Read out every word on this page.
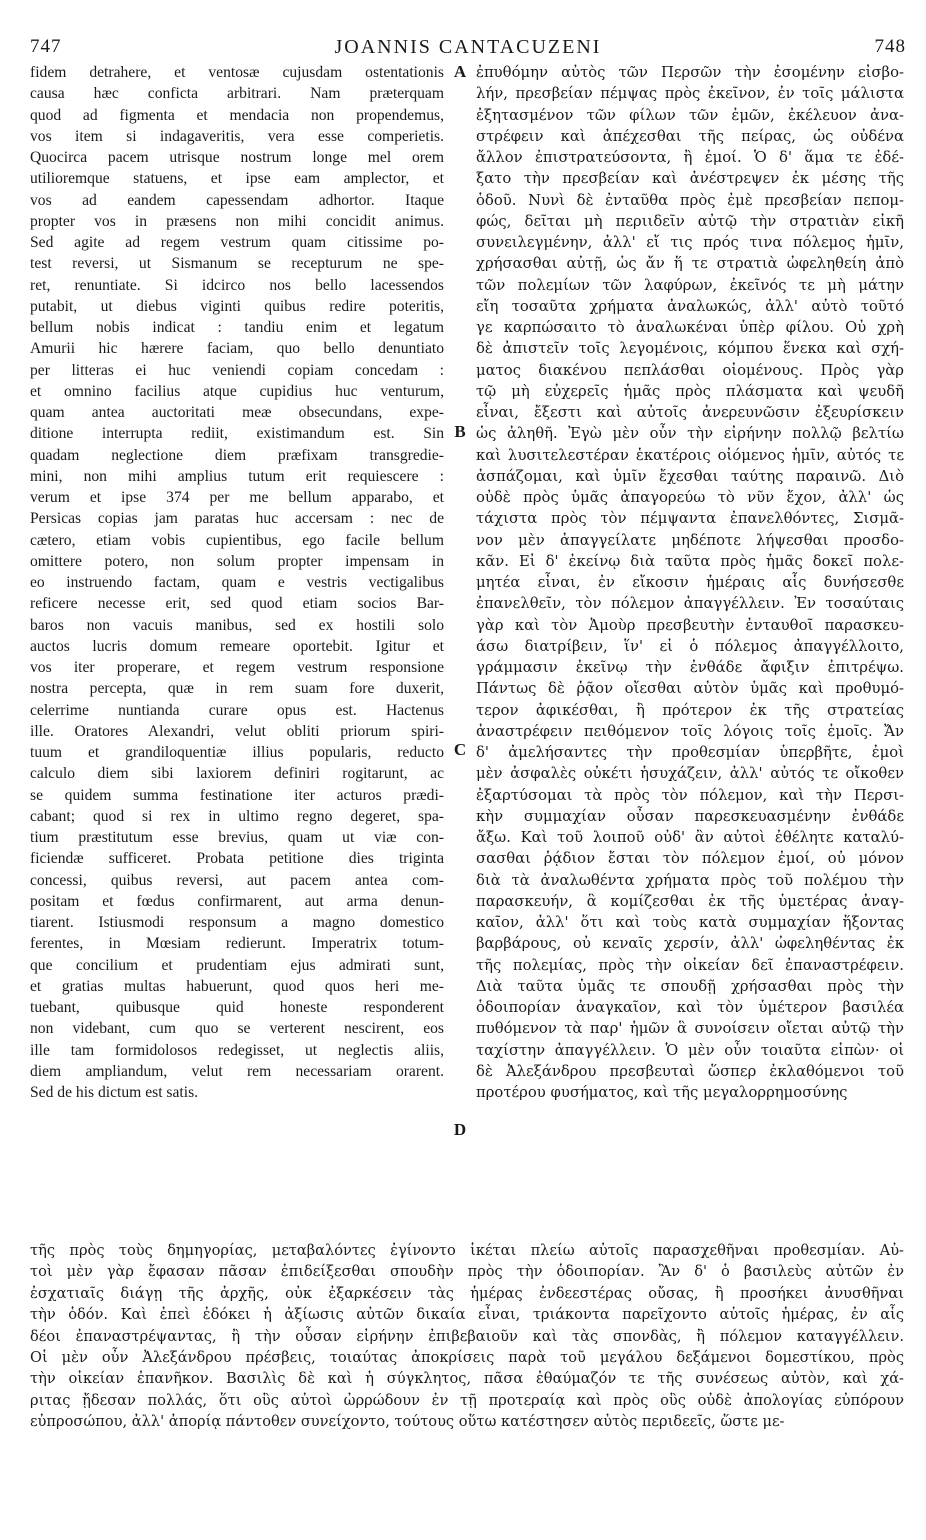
747	JOANNIS CANTACUZENI	748
fidem detrahere, et ventosæ cujusdam ostentationis
causa hæc conficta arbitrari. Nam præterquam
quod ad figmenta et mendacia non propendemus,
vos item si indagaveritis, vera esse comperietis.
Quocirca pacem utrisque nostrum longe mel orem
utilioremque statuens, et ipse eam amplector, et
vos ad eandem capessendam adhortor. Itaque
propter vos in præsens non mihi concidit animus.
Sed agite ad regem vestrum quam citissime po-
test reversi, ut Sismanum se recepturum ne spe-
ret, renuntiate. Si idcirco nos bello lacessendos
putabit, ut diebus viginti quibus redire poteritis,
bellum nobis indicat : tandiu enim et legatum
Amurii hic hærere faciam, quo bello denuntiato
per litteras ei huc veniendi copiam concedam :
et omnino facilius atque cupidius huc venturum,
quam antea auctoritati meæ obsecundans, expe-
ditione interrupta rediit, existimandum est. Sin
quadam neglectione diem præfixam transgredie-
mini, non mihi amplius tutum erit requiescere :
verum et ipse 374 per me bellum apparabo, et
Persicas copias jam paratas huc accersam : nec de
cætero, etiam vobis cupientibus, ego facile bellum
omittere potero, non solum propter impensam in
eo instruendo factam, quam e vestris vectigalibus
reficere necesse erit, sed quod etiam socios Bar-
baros non vacuis manibus, sed ex hostili solo
auctos lucris domum remeare oportebit. Igitur et
vos iter properare, et regem vestrum responsione
nostra percepta, quæ in rem suam fore duxerit,
celerrime nuntiandа curare opus est. Hactenus
ille. Oratores Alexandri, velut obliti priorum spiri-
tuum et grandiloquentiæ illius popularis, reducto
calculo diem sibi laxiorem definiri rogitarunt, ac
se quidem summa festinatione iter acturos prædi-
cabant; quod si rex in ultimo regno degeret, spa-
tium præstitutum esse brevius, quam ut viæ con-
ficiendæ sufficeret. Probata petitione dies triginta
concessi, quibus reversi, aut pacem antea com-
positam et fœdus confirmarent, aut arma denun-
tiarent. Istiusmodi responsum a magno domestico
ferentes, in Mœsiam redierunt. Imperatrix totum-
que concilium et prudentiam ejus admirati sunt,
et gratias multas habuerunt, quod quos heri me-
tuebant, quibusque quid honeste responderent
non videbant, cum quo se verterent nescirent, eos
ille tam formidolosos redegisset, ut neglectis aliis,
diem ampliandum, velut rem necessariam orarent.
Sed de his dictum est satis.
A
B
C
D
ἐπυθόμην αὐτὸς τῶν Περσῶν τὴν ἐσομένην εἰσβο-
λήν, πρεσβείαν πέμψας πρὸς ἐκεῖνον, ἐν τοῖς μάλιστα
ἐξητασμένον τῶν φίλων τῶν ἐμῶν, ἐκέλευον ἀνα-
στρέφειν καὶ ἀπέχεσθαι τῆς πείρας, ὡς οὐδένα
ἄλλον ἐπιστρατεύσοντα, ἢ ἐμοί. Ὁ δ' ἅμα τε ἐδέ-
ξατο τὴν πρεσβείαν καὶ ἀνέστρεψεν ἐκ μέσης τῆς
ὁδοῦ. Νυνὶ δὲ ἐνταῦθα πρὸς ἐμὲ πρεσβείαν πεπομ-
φώς, δεῖται μὴ περιιδεῖν αὐτῷ τὴν στρατιὰν εἰκῆ
συνειλεγμένην, ἀλλ' εἴ τις πρός τινα πόλεμος ἡμῖν,
χρήσασθαι αὐτῇ, ὡς ἄν ἥ τε στρατιὰ ὠφεληθείη ἀπὸ
τῶν πολεμίων τῶν λαφύρων, ἐκεῖνός τε μὴ μάτην
εἴη τοσαῦτα χρήματα ἀναλωκώς, ἀλλ' αὐτὸ τοῦτό
γε καρπώσαιτο τὸ ἀναλωκέναι ὑπὲρ φίλου. Οὐ χρὴ
δὲ ἀπιστεῖν τοῖς λεγομένοις, κόμπου ἕνεκα καὶ σχή-
ματος διακένου πεπλάσθαι οἰομένους. Πρὸς γὰρ
τῷ μὴ εὐχερεῖς ἡμᾶς πρὸς πλάσματα καὶ ψευδῆ
εἶναι, ἔξεστι καὶ αὐτοῖς ἀνερευνῶσιν ἐξευρίσκειν
ὡς ἀληθῆ. Ἐγὼ μὲν οὖν τὴν εἰρήνην πολλῷ βελτίω
καὶ λυσιτελεστέραν ἑκατέροις οἰόμενος ἡμῖν, αὐτός τε
ἀσπάζομαι, καὶ ὑμῖν ἔχεσθαι ταύτης παραινῶ. Διὸ
οὐδὲ πρὸς ὑμᾶς ἀπαγορεύω τὸ νῦν ἔχον, ἀλλ' ὡς
τάχιστα πρὸς τὸν πέμψαντα ἐπανελθόντες, Σισμᾶ-
νον μὲν ἀπαγγείλατε μηδέποτε λήψεσθαι προσδο-
κᾶν. Εἰ δ' ἐκείνῳ διὰ ταῦτα πρὸς ἡμᾶς δοκεῖ πολε-
μητέα εἶναι, ἐν εἴκοσιν ἡμέραις αἷς δυνήσεσθε
ἐπανελθεῖν, τὸν πόλεμον ἀπαγγέλλειν. Ἐν τοσαύταις
γὰρ καὶ τὸν Ἀμοὺρ πρεσβευτὴν ἐνταυθοῖ παρασκευ-
άσω διατρίβειν, ἵν' εἰ ὁ πόλεμος ἀπαγγέλλοιτο,
γράμμασιν ἐκεῖνῳ τὴν ἐνθάδε ἄφιξιν ἐπιτρέψω.
Πάντως δὲ ῥᾷον οἴεσθαι αὐτὸν ὑμᾶς καὶ προθυμό-
τερον ἀφικέσθαι, ἢ πρότερον ἐκ τῆς στρατείας
ἀναστρέφειν πειθόμενον τοῖς λόγοις τοῖς ἐμοῖς. Ἄν
δ' ἀμελήσαντες τὴν προθεσμίαν ὑπερβῆτε, ἐμοὶ
μὲν ἀσφαλὲς οὐκέτι ἡσυχάζειν, ἀλλ' αὐτός τε οἴκοθεν
ἐξαρτύσομαι τὰ πρὸς τὸν πόλεμον, καὶ τὴν Περσι-
κὴν συμμαχίαν οὖσαν παρεσκευασμένην ἐνθάδε
ἄξω. Καὶ τοῦ λοιποῦ οὐδ' ἂν αὐτοὶ ἐθέλητε καταλύ-
σασθαι ῥᾴδιον ἔσται τὸν πόλεμον ἐμοί, οὐ μόνον
διὰ τὰ ἀναλωθέντα χρήματα πρὸς τοῦ πολέμου τὴν
παρασκευήν, ἃ κομίζεσθαι ἐκ τῆς ὑμετέρας ἀναγ-
καῖον, ἀλλ' ὅτι καὶ τοὺς κατὰ συμμαχίαν ἥξοντας
βαρβάρους, οὐ κεναῖς χερσίν, ἀλλ' ὠφεληθέντας ἐκ
τῆς πολεμίας, πρὸς τὴν οἰκείαν δεῖ ἐπαναστρέφειν.
Διὰ ταῦτα ὑμᾶς τε σπουδῇ χρήσασθαι πρὸς τὴν
ὁδοιπορίαν ἀναγκαῖον, καὶ τὸν ὑμέτερον βασιλέα
πυθόμενον τὰ παρ' ἡμῶν ἃ συνοίσειν οἴεται αὐτῷ τὴν
ταχίστην ἀπαγγέλλειν. Ὁ μὲν οὖν τοιαῦτα εἰπὼν· οἱ
δὲ Ἀλεξάνδρου πρεσβευταὶ ὥσπερ ἐκλαθόμενοι τοῦ
προτέρου φυσήματος, καὶ τῆς μεγαλορρημοσύνης
τῆς πρὸς τοὺς δημηγορίας, μεταβαλόντες ἐγίνοντο ἱκέται πλείω αὐτοῖς παρασχεθῆναι προθεσμίαν. Αὐ-
τοὶ μὲν γὰρ ἔφασαν πᾶσαν ἐπιδείξεσθαι σπουδὴν πρὸς τὴν ὁδοιπορίαν. Ἂν δ' ὁ βασιλεὺς αὐτῶν ἐν
ἐσχατιαῖς διάγῃ τῆς ἀρχῆς, οὐκ ἐξαρκέσειν τὰς ἡμέρας ἐνδεεστέρας οὔσας, ἢ προσήκει ἀνυσθῆναι
τὴν ὁδόν. Καὶ ἐπεὶ ἐδόκει ἡ ἀξίωσις αὐτῶν δικαία εἶναι, τριάκοντα παρεῖχοντο αὐτοῖς ἡμέρας, ἐν αἷς
δέοι ἐπαναστρέψαντας, ἢ τὴν οὖσαν εἰρήνην ἐπιβεβαιοῦν καὶ τὰς σπονδὰς, ἢ πόλεμον καταγγέλλειν.
Οἱ μὲν οὖν Ἀλεξάνδρου πρέσβεις, τοιαύτας ἀποκρίσεις παρὰ τοῦ μεγάλου δεξάμενοι δομεστίκου, πρὸς
τὴν οἰκείαν ἐπανῆκον. Βασιλὶς δὲ καὶ ἡ σύγκλητος, πᾶσα ἐθαύμαζόν τε τῆς συνέσεως αὐτὸν, καὶ χά-
ριτας ᾔδεσαν πολλάς, ὅτι οὓς αὐτοὶ ὠρρώδουν ἐν τῇ προτεραίᾳ καὶ πρὸς οὓς οὐδὲ ἀπολογίας εὐπόρουν
εὐπροσώπου, ἀλλ' ἀπορίᾳ πάντοθεν συνείχοντο, τούτους οὕτω κατέστησεν αὐτὸς περιδεεῖς, ὥστε με-
